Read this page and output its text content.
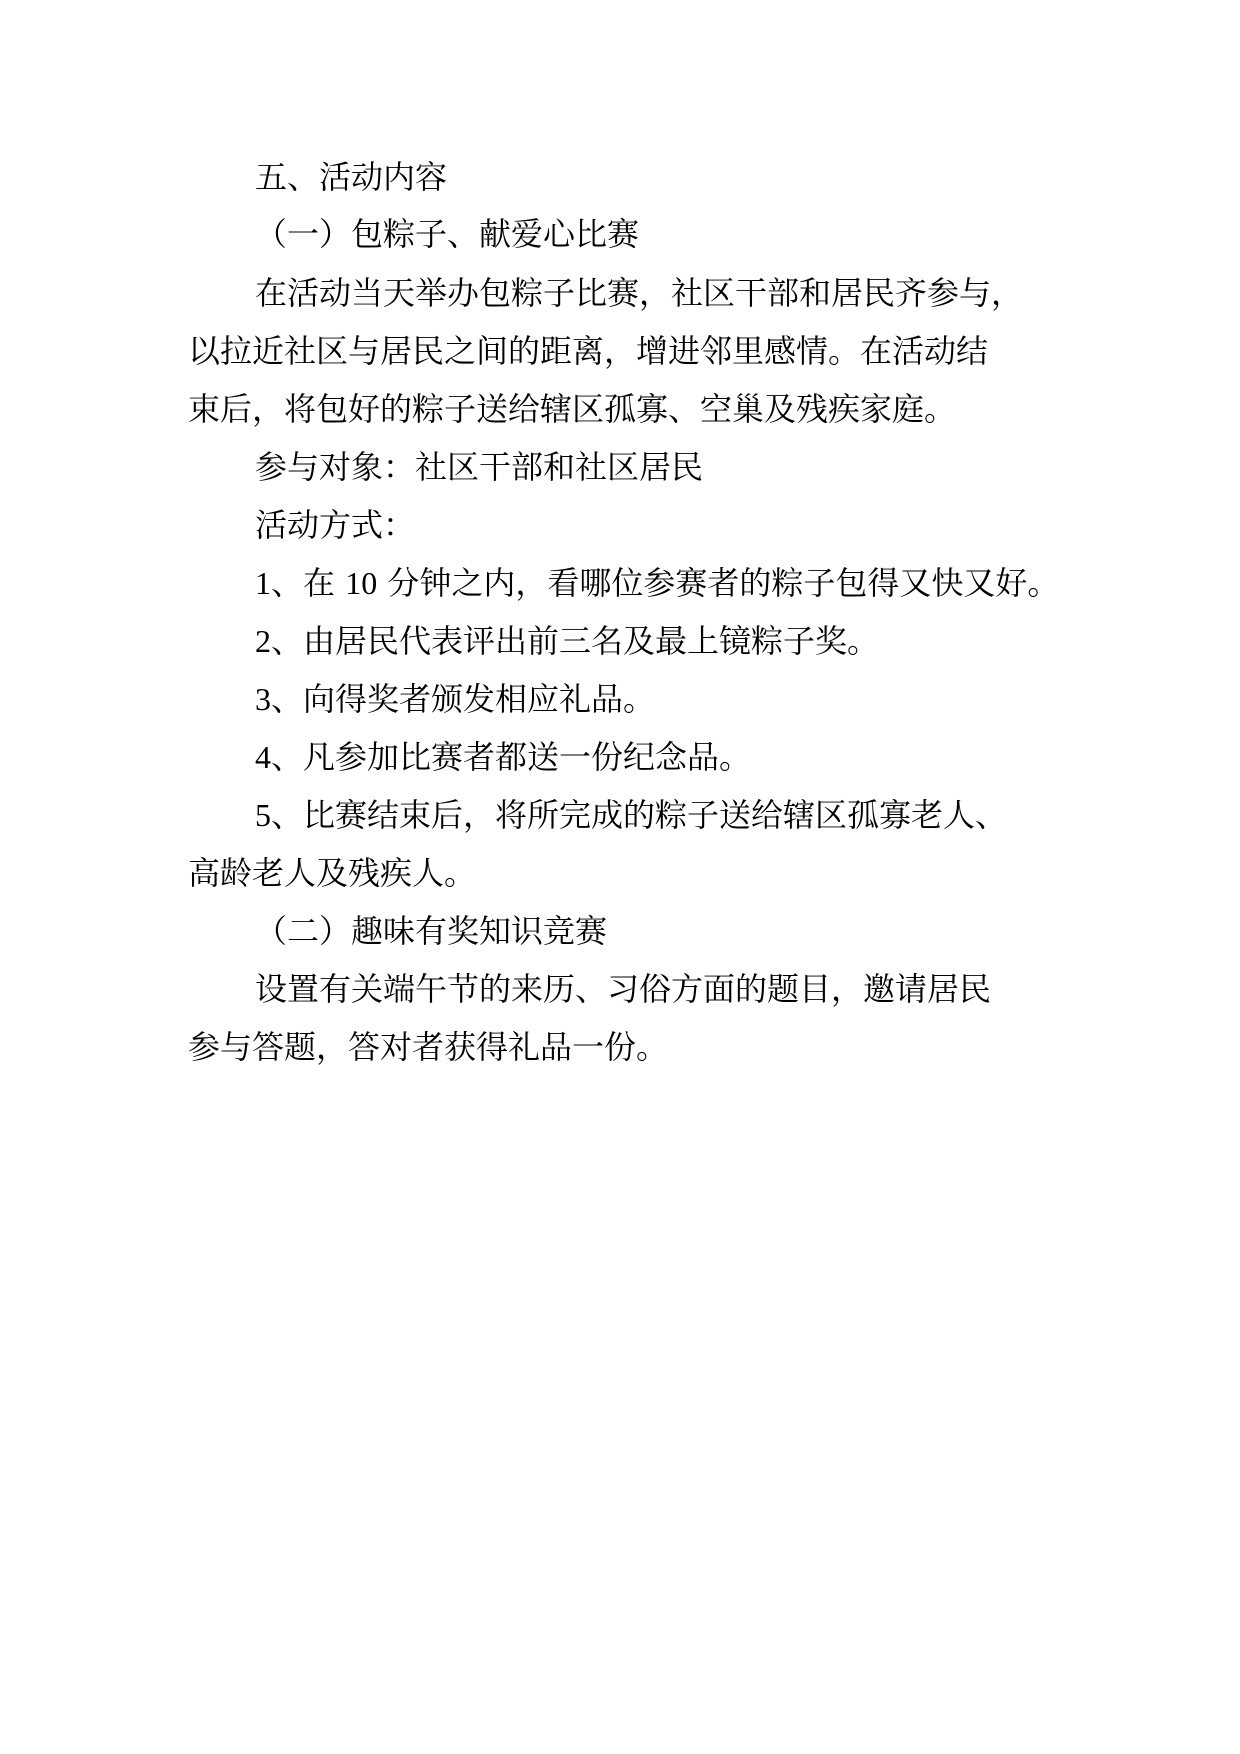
五、活动内容
（一）包粽子、献爱心比赛
在活动当天举办包粽子比赛，社区干部和居民齐参与，
以拉近社区与居民之间的距离，增进邻里感情。在活动结
束后，将包好的粽子送给辖区孤寡、空巢及残疾家庭。
参与对象：社区干部和社区居民
活动方式：
1、在 10 分钟之内，看哪位参赛者的粽子包得又快又好。
2、由居民代表评出前三名及最上镜粽子奖。
3、向得奖者颁发相应礼品。
4、凡参加比赛者都送一份纪念品。
5、比赛结束后，将所完成的粽子送给辖区孤寡老人、
高龄老人及残疾人。
（二）趣味有奖知识竞赛
设置有关端午节的来历、习俗方面的题目，邀请居民
参与答题，答对者获得礼品一份。
